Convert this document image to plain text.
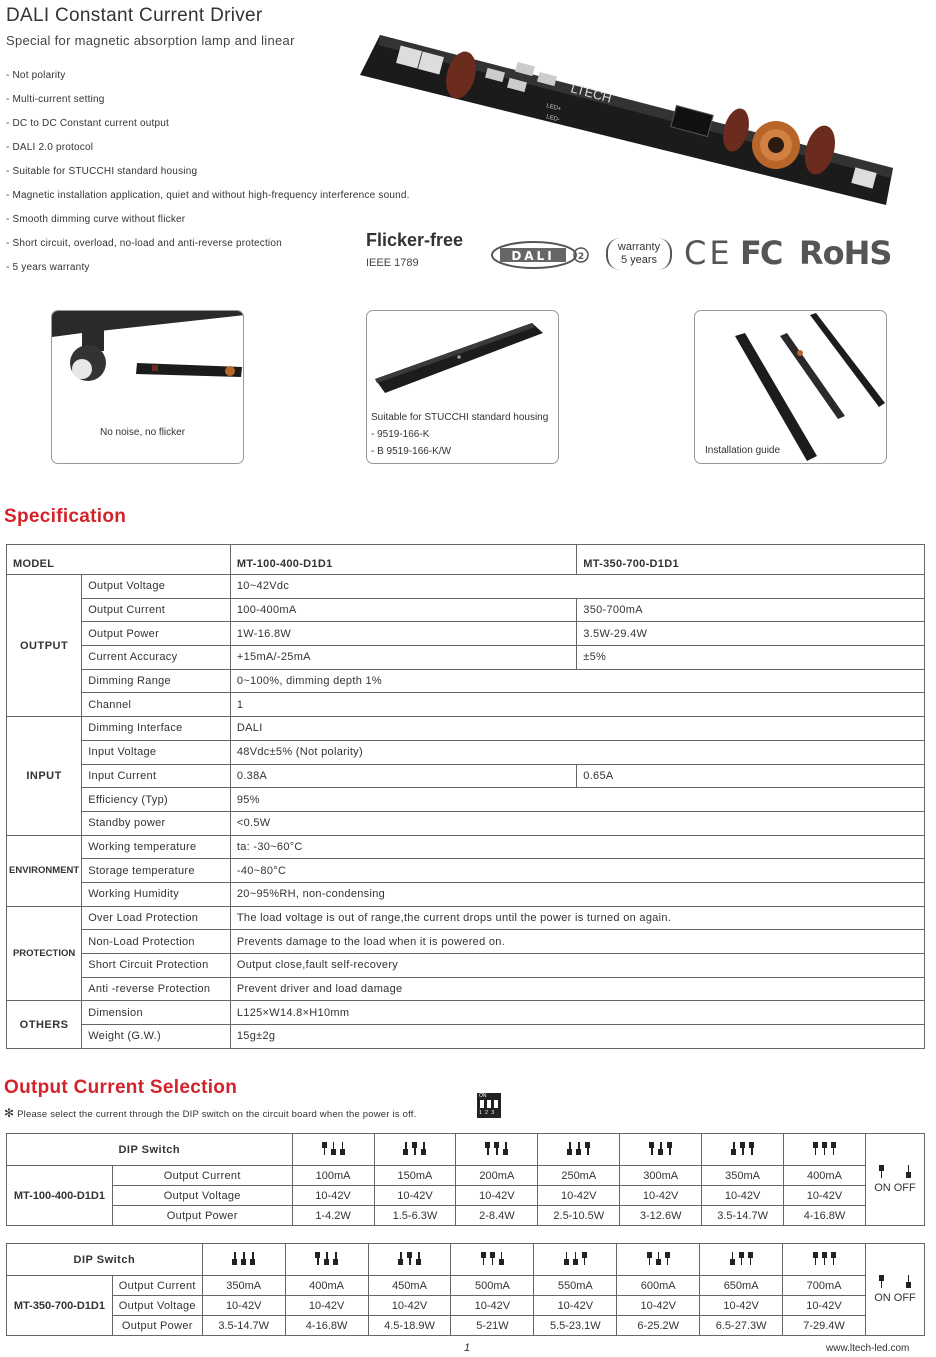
DALI Constant Current Driver
Special for magnetic absorption lamp and linear
- Not polarity
- Multi-current setting
- DC to DC Constant current output
- DALI 2.0 protocol
- Suitable for STUCCHI standard housing
- Magnetic installation application, quiet and without high-frequency interference sound.
- Smooth dimming curve without flicker
- Short circuit, overload, no-load and anti-reverse protection
- 5 years warranty
LED+
LED-
LTECH
Flicker-free
IEEE 1789	DALI	2
warranty
5 years CE FC RoHS
No noise, no flicker
Suitable for STUCCHI standard housing
- 9519-166-K
- B 9519-166-K/W	Installation guide
Specification
MODEL		MT-100-400-D1D1	MT-350-700-D1D1
OUTPUT	Output Voltage	10~42Vdc	
	Output Current	100-400mA	350-700mA
	Output Power	1W-16.8W	3.5W-29.4W
	Current Accuracy	+15mA/-25mA	±5%
	Dimming Range	0~100%, dimming depth 1%	
	Channel	1	
INPUT	Dimming Interface	DALI	
	Input Voltage	48Vdc±5% (Not polarity)	
	Input Current	0.38A	0.65A
	Efficiency (Typ)	95%	
	Standby power	<0.5W	
ENVIRONMENT	Working temperature	ta: -30~60°C	
	Storage temperature	-40~80°C	
	Working Humidity	20~95%RH, non-condensing	
PROTECTION	Over Load Protection	The load voltage is out of range,the current drops until the power is turned on again.	
	Non-Load Protection	Prevents damage to the load when it is powered on.	
	Short Circuit Protection	Output close,fault self-recovery	
	Anti -reverse Protection	Prevent driver and load damage	
OTHERS	Dimension	L125×W14.8×H10mm	
	Weight (G.W.)	15g±2g	
Output Current Selection
✻ Please select the current through the DIP switch on the circuit board when the power is off.
ON
1 2 3
DIP Switch									ON OFF

MT-100-400-D1D1	Output Current	100mA	150mA	200mA	250mA	300mA	350mA	400mA	
	Output Voltage	10-42V	10-42V	10-42V	10-42V	10-42V	10-42V	10-42V	
	Output Power	1-4.2W	1.5-6.3W	2-8.4W	2.5-10.5W	3-12.6W	3.5-14.7W	4-16.8W	
DIP Switch										ON OFF

MT-350-700-D1D1	Output Current	350mA	400mA	450mA	500mA	550mA	600mA	650mA	700mA	
	Output Voltage	10-42V	10-42V	10-42V	10-42V	10-42V	10-42V	10-42V	10-42V	
	Output Power	3.5-14.7W	4-16.8W	4.5-18.9W	5-21W	5.5-23.1W	6-25.2W	6.5-27.3W	7-29.4W	
1	www.ltech-led.com
